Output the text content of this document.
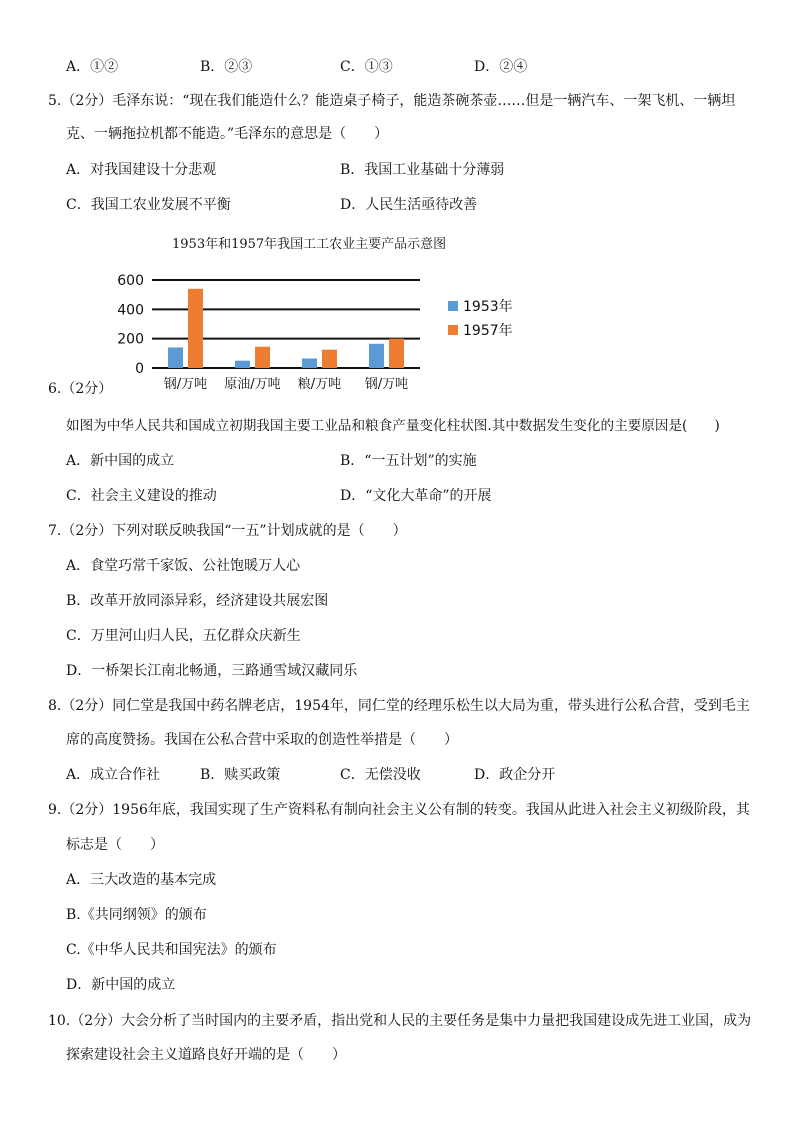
A．①②	B．②③	C．①③	D．②④
5.（2分）毛泽东说：“现在我们能造什么？能造桌子椅子，能造茶碗茶壶……但是一辆汽车、一架飞机、一辆坦
克、一辆拖拉机都不能造。”毛泽东的意思是（　　）
A．对我国建设十分悲观	B．我国工业基础十分薄弱
C．我国工农业发展不平衡	D．人民生活亟待改善
1953年和1957年我国工工农业主要产品示意图
600
400
200
0
钢/万吨 原油/万吨 粮/万吨 钢/万吨
1953年
1957年
6.（2分）
如图为中华人民共和国成立初期我国主要工业品和粮食产量变化柱状图.其中数据发生变化的主要原因是(　　)
A．新中国的成立	B．“一五计划”的实施
C．社会主义建设的推动	D．“文化大革命”的开展
7.（2分）下列对联反映我国“一五”计划成就的是（　　）
A．食堂巧常千家饭、公社饱暖万人心
B．改革开放同添异彩，经济建设共展宏图
C．万里河山归人民，五亿群众庆新生
D．一桥架长江南北畅通，三路通雪域汉藏同乐
8.（2分）同仁堂是我国中药名牌老店，1954年，同仁堂的经理乐松生以大局为重，带头进行公私合营，受到毛主
席的高度赞扬。我国在公私合营中采取的创造性举措是（　　）
A．成立合作社	B．赎买政策	C．无偿没收	D．政企分开
9.（2分）1956年底，我国实现了生产资料私有制向社会主义公有制的转变。我国从此进入社会主义初级阶段，其
标志是（　　）
A．三大改造的基本完成
B.《共同纲领》的颁布
C.《中华人民共和国宪法》的颁布
D．新中国的成立
10.（2分）大会分析了当时国内的主要矛盾，指出党和人民的主要任务是集中力量把我国建设成先进工业国，成为
探索建设社会主义道路良好开端的是（　　）
